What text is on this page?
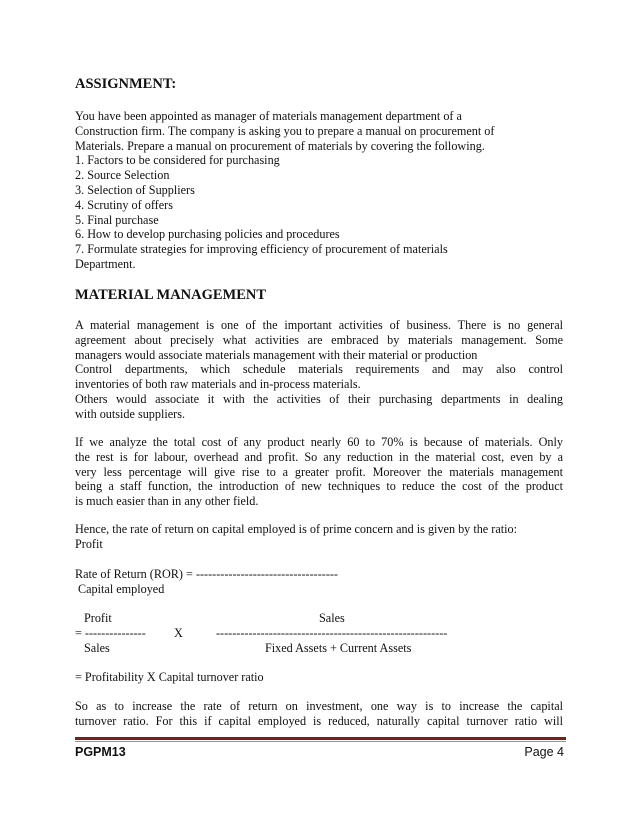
ASSIGNMENT:
You have been appointed as manager of materials management department of a
Construction firm. The company is asking you to prepare a manual on procurement of
Materials. Prepare a manual on procurement of materials by covering the following.
1. Factors to be considered for purchasing
2. Source Selection
3. Selection of Suppliers
4. Scrutiny of offers
5. Final purchase
6. How to develop purchasing policies and procedures
7. Formulate strategies for improving efficiency of procurement of materials
Department.
MATERIAL MANAGEMENT
A material management is one of the important activities of business. There is no general
agreement about precisely what activities are embraced by materials management. Some
managers would associate materials management with their material or production
Control departments, which schedule materials requirements and may also control
inventories of both raw materials and in-process materials.
Others would associate it with the activities of their purchasing departments in dealing
with outside suppliers.
If we analyze the total cost of any product nearly 60 to 70% is because of materials. Only
the rest is for labour, overhead and profit. So any reduction in the material cost, even by a
very less percentage will give rise to a greater profit. Moreover the materials management
being a staff function, the introduction of new techniques to reduce the cost of the product
is much easier than in any other field.
Hence, the rate of return on capital employed is of prime concern and is given by the ratio:
Profit
Rate of Return (ROR) = -----------------------------------
Capital employed
Profit	Sales
= --------------- X	---------------------------------------------------------
Sales	Fixed Assets + Current Assets
= Profitability X Capital turnover ratio
So as to increase the rate of return on investment, one way is to increase the capital
turnover ratio. For this if capital employed is reduced, naturally capital turnover ratio will
PGPM13	Page 4
